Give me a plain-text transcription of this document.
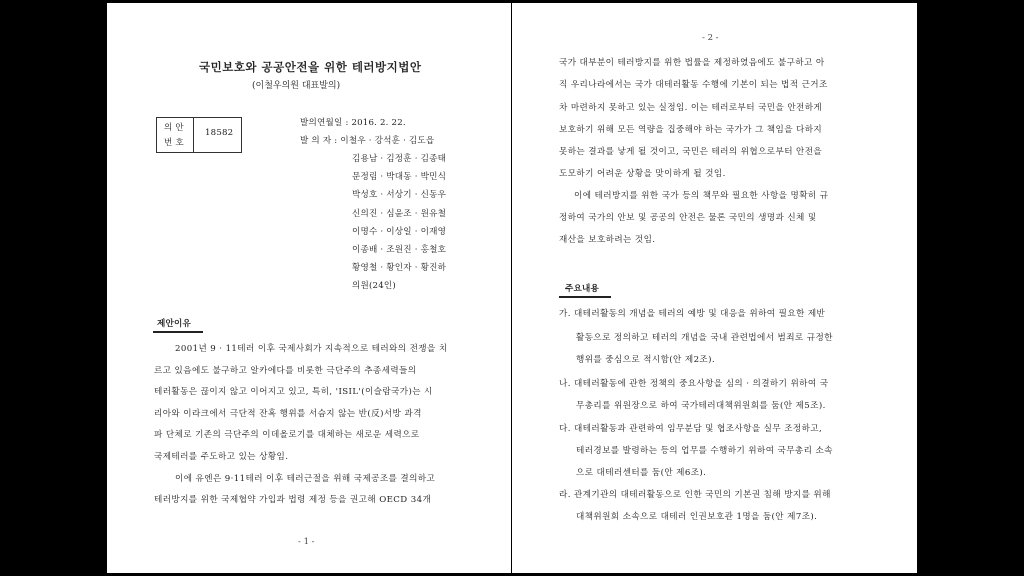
국민보호와 공공안전을 위한 테러방지법안
(이철우의원 대표발의)
의 안
번 호
18582
발의연월일 : 2016. 2. 22.
발 의 자 : 이철우 · 강석훈 · 김도읍
김용남 · 김정훈 · 김종태
문정림 · 박대동 · 박민식
박성호 · 서상기 · 신동우
신의진 · 심윤조 · 원유철
이명수 · 이상일 · 이재영
이종배 · 조원진 · 홍철호
황영철 · 황인자 · 황진하
의원(24인)
제안이유
2001년 9 · 11테러 이후 국제사회가 지속적으로 테러와의 전쟁을 치
르고 있음에도 불구하고 알카에다를 비롯한 극단주의 추종세력들의
테러활동은 끊이지 않고 이어지고 있고, 특히, 'ISIL'(이슬람국가)는 시
리아와 이라크에서 극단적 잔혹 행위를 서슴지 않는 반(反)서방 과격
파 단체로 기존의 극단주의 이데올로기를 대체하는 새로운 세력으로
국제테러를 주도하고 있는 상황임.
이에 유엔은 9·11테러 이후 테러근절을 위해 국제공조를 결의하고
테러방지를 위한 국제협약 가입과 법령 제정 등을 권고해 OECD 34개
- 1 -
- 2 -
국가 대부분이 테러방지를 위한 법률을 제정하였음에도 불구하고 아
직 우리나라에서는 국가 대테러활동 수행에 기본이 되는 법적 근거조
차 마련하지 못하고 있는 실정임. 이는 테러로부터 국민을 안전하게
보호하기 위해 모든 역량을 집중해야 하는 국가가 그 책임을 다하지
못하는 결과를 낳게 될 것이고, 국민은 테러의 위협으로부터 안전을
도모하기 어려운 상황을 맞이하게 될 것임.
이에 테러방지를 위한 국가 등의 책무와 필요한 사항을 명확히 규
정하여 국가의 안보 및 공공의 안전은 물론 국민의 생명과 신체 및
재산을 보호하려는 것임.
주요내용
가. 대테러활동의 개념을 테러의 예방 및 대응을 위하여 필요한 제반
활동으로 정의하고 테러의 개념을 국내 관련법에서 범죄로 규정한
행위를 중심으로 적시함(안 제2조).
나. 대테러활동에 관한 정책의 중요사항을 심의 · 의결하기 위하여 국
무총리를 위원장으로 하여 국가테러대책위원회를 둠(안 제5조).
다. 대테러활동과 관련하여 임무분담 및 협조사항을 실무 조정하고,
테러경보를 발령하는 등의 업무를 수행하기 위하여 국무총리 소속
으로 대테러센터를 둠(안 제6조).
라. 관계기관의 대테러활동으로 인한 국민의 기본권 침해 방지를 위해
대책위원회 소속으로 대테러 인권보호관 1명을 둠(안 제7조).
